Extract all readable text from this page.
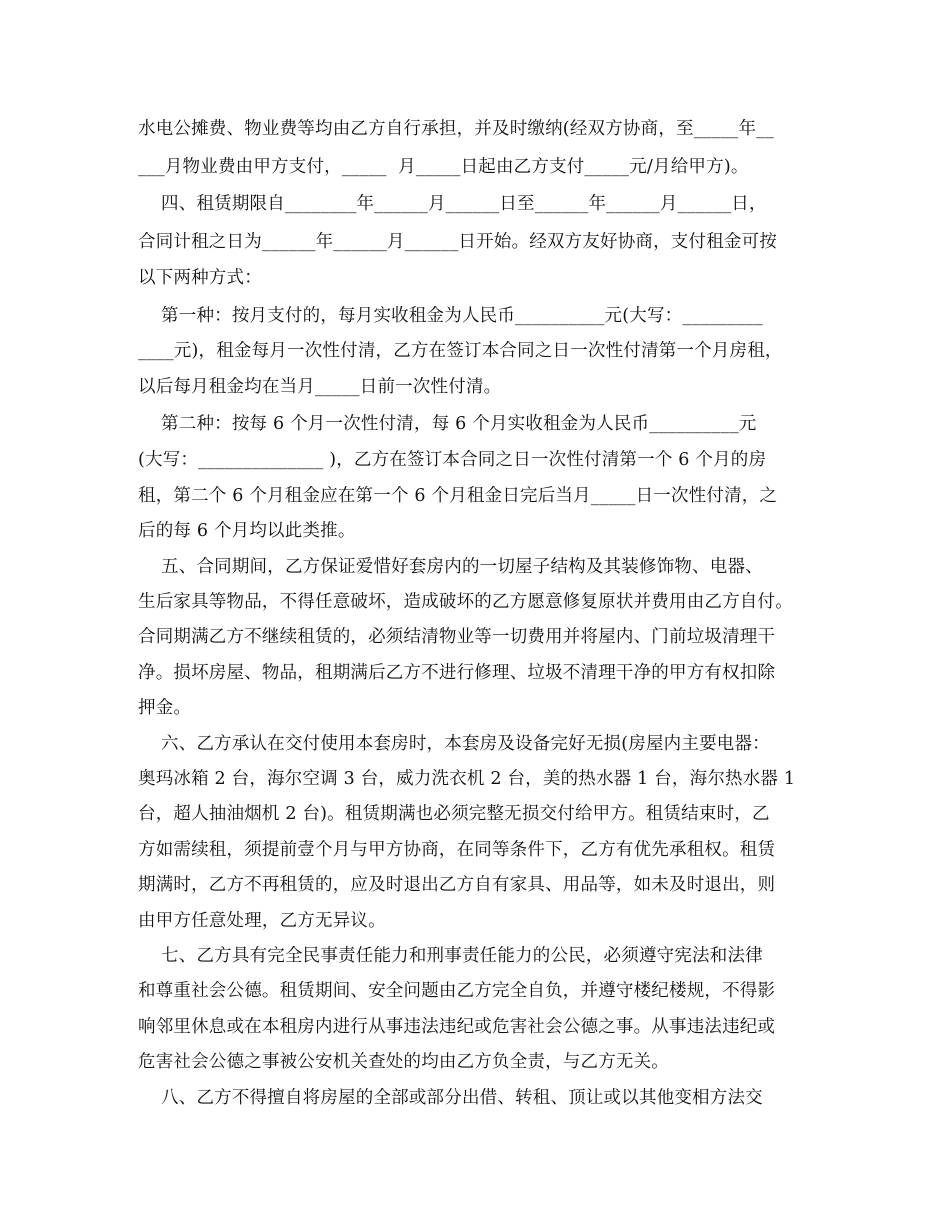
水电公摊费、物业费等均由乙方自行承担，并及时缴纳(经双方协商，至_____年__
___月物业费由甲方支付，_____  月_____日起由乙方支付_____元/月给甲方)。
四、租赁期限自________年______月______日至______年______月______日，
合同计租之日为______年______月______日开始。经双方友好协商，支付租金可按
以下两种方式：
第一种：按月支付的，每月实收租金为人民币__________元(大写：_________
____元)，租金每月一次性付清，乙方在签订本合同之日一次性付清第一个月房租，
以后每月租金均在当月_____日前一次性付清。
第二种：按每 6 个月一次性付清，每 6 个月实收租金为人民币__________元
(大写：______________ )，乙方在签订本合同之日一次性付清第一个 6 个月的房
租，第二个 6 个月租金应在第一个 6 个月租金日完后当月_____日一次性付清，之
后的每 6 个月均以此类推。
五、合同期间，乙方保证爱惜好套房内的一切屋子结构及其装修饰物、电器、
生后家具等物品，不得任意破坏，造成破坏的乙方愿意修复原状并费用由乙方自付。
合同期满乙方不继续租赁的，必须结清物业等一切费用并将屋内、门前垃圾清理干
净。损坏房屋、物品，租期满后乙方不进行修理、垃圾不清理干净的甲方有权扣除
押金。
六、乙方承认在交付使用本套房时，本套房及设备完好无损(房屋内主要电器：
奥玛冰箱 2 台，海尔空调 3 台，威力洗衣机 2 台，美的热水器 1 台，海尔热水器 1
台，超人抽油烟机 2 台)。租赁期满也必须完整无损交付给甲方。租赁结束时，乙
方如需续租，须提前壹个月与甲方协商，在同等条件下，乙方有优先承租权。租赁
期满时，乙方不再租赁的，应及时退出乙方自有家具、用品等，如未及时退出，则
由甲方任意处理，乙方无异议。
七、乙方具有完全民事责任能力和刑事责任能力的公民，必须遵守宪法和法律
和尊重社会公德。租赁期间、安全问题由乙方完全自负，并遵守楼纪楼规，不得影
响邻里休息或在本租房内进行从事违法违纪或危害社会公德之事。从事违法违纪或
危害社会公德之事被公安机关查处的均由乙方负全责，与乙方无关。
八、乙方不得擅自将房屋的全部或部分出借、转租、顶让或以其他变相方法交
